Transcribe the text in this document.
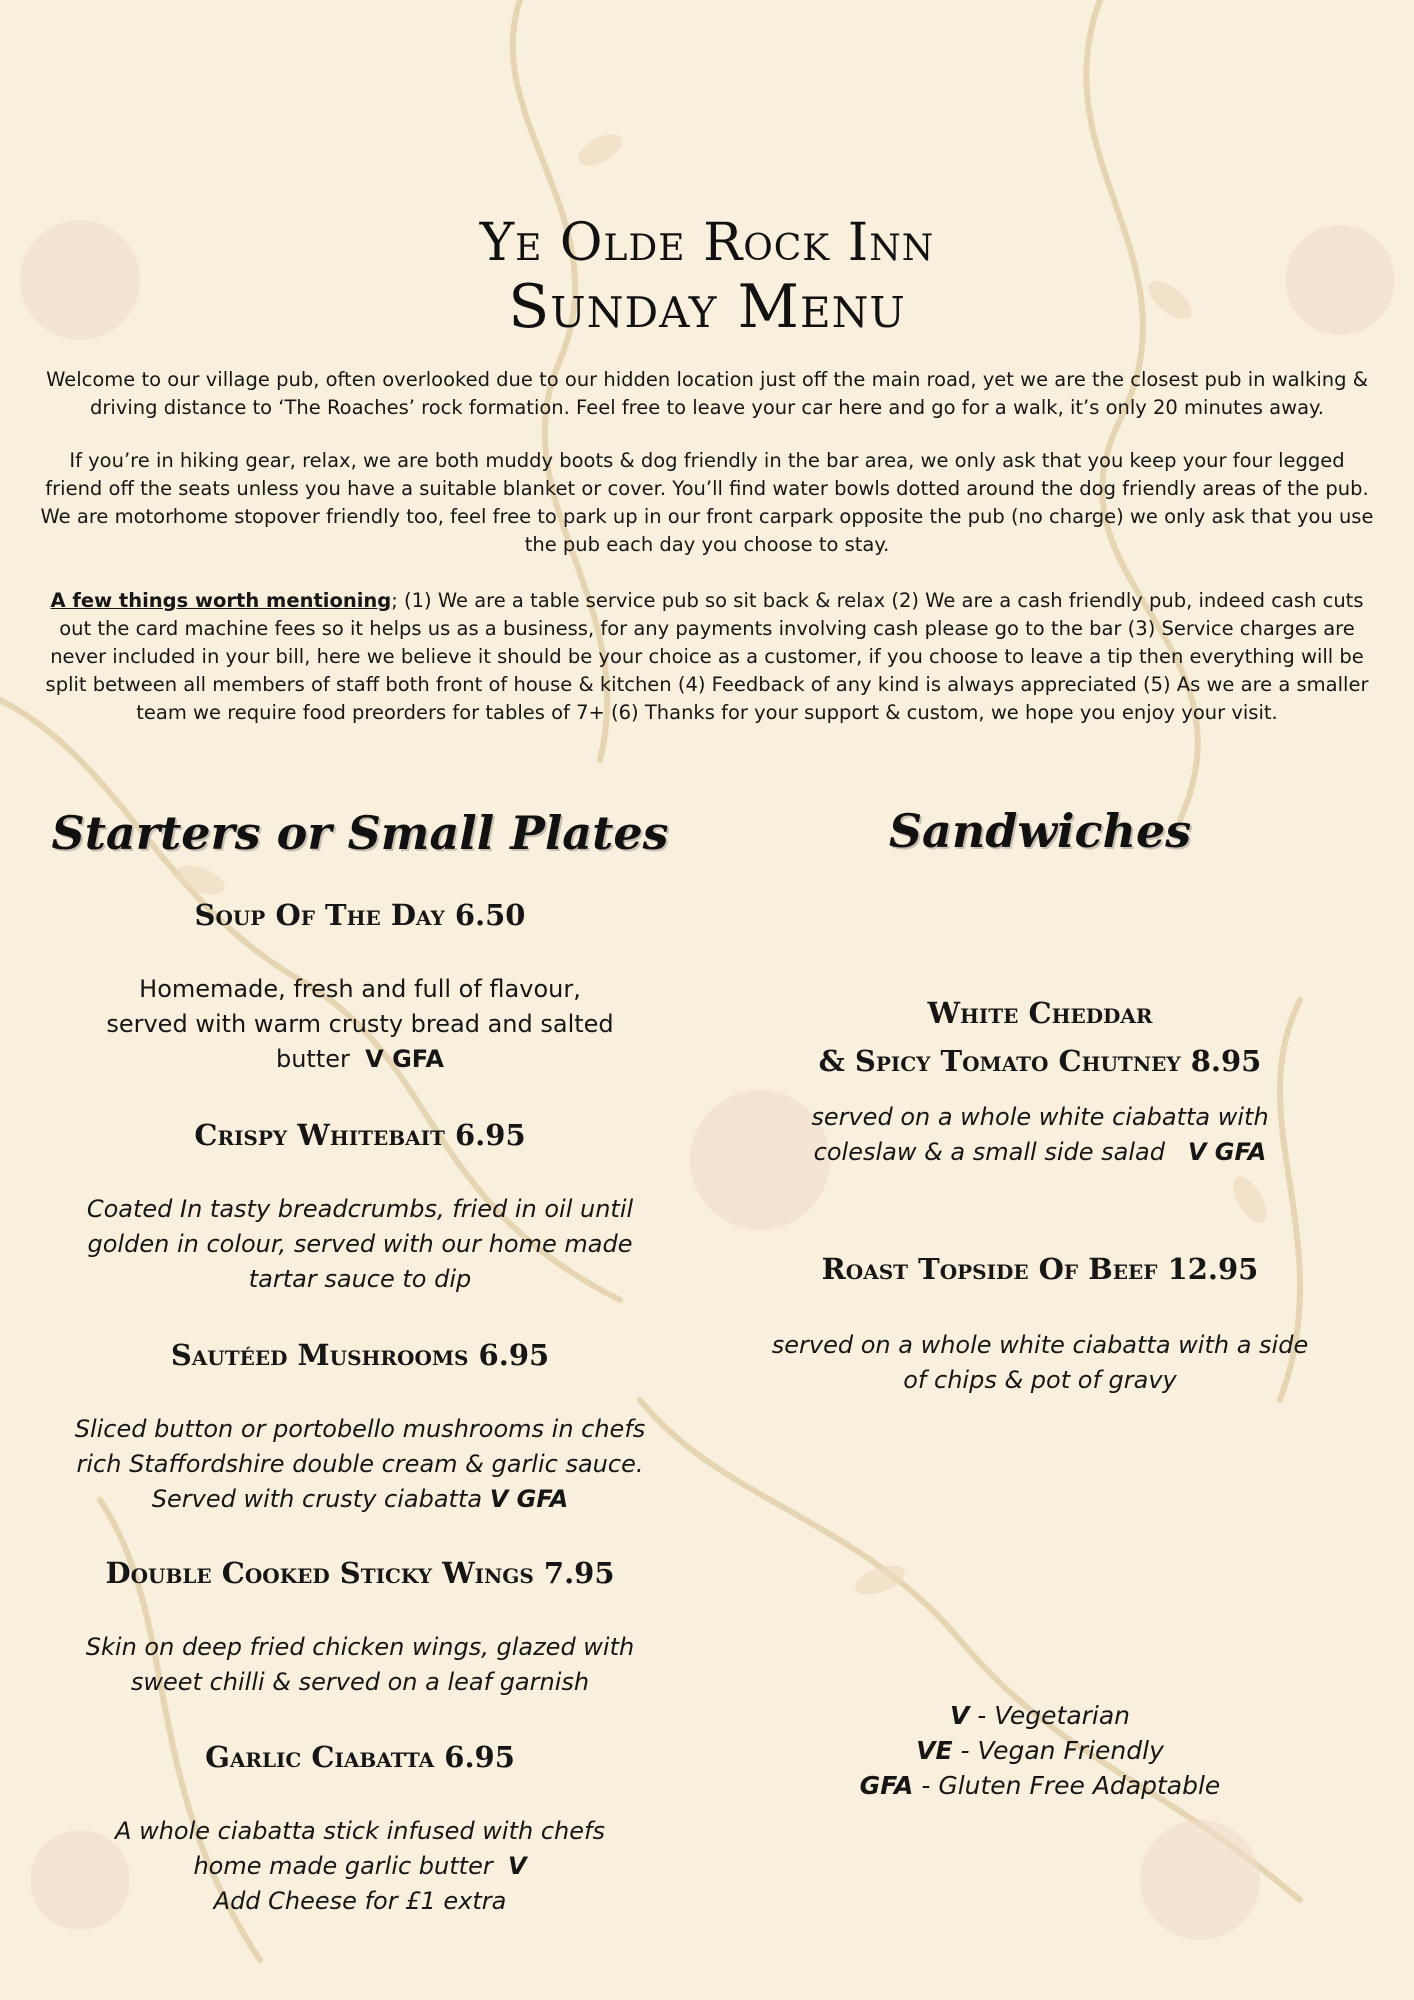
Ye Olde Rock Inn
Sunday Menu

Welcome to our village pub, often overlooked due to our hidden location just off the main road, yet we are the closest pub in walking & driving distance to ‘The Roaches’ rock formation. Feel free to leave your car here and go for a walk, it’s only 20 minutes away.

If you’re in hiking gear, relax, we are both muddy boots & dog friendly in the bar area, we only ask that you keep your four legged friend off the seats unless you have a suitable blanket or cover. You’ll find water bowls dotted around the dog friendly areas of the pub. We are motorhome stopover friendly too, feel free to park up in our front carpark opposite the pub (no charge) we only ask that you use the pub each day you choose to stay.

A few things worth mentioning; (1) We are a table service pub so sit back & relax (2) We are a cash friendly pub, indeed cash cuts out the card machine fees so it helps us as a business, for any payments involving cash please go to the bar (3) Service charges are never included in your bill, here we believe it should be your choice as a customer, if you choose to leave a tip then everything will be split between all members of staff both front of house & kitchen (4) Feedback of any kind is always appreciated (5) As we are a smaller team we require food preorders for tables of 7+ (6) Thanks for your support & custom, we hope you enjoy your visit.

Starters or Small Plates

Soup Of The Day 6.50

Homemade, fresh and full of flavour, served with warm crusty bread and salted butter V GFA

Crispy Whitebait 6.95

Coated In tasty breadcrumbs, fried in oil until golden in colour, served with our home made tartar sauce to dip

Sautéed Mushrooms 6.95

Sliced button or portobello mushrooms in chefs rich Staffordshire double cream & garlic sauce. Served with crusty ciabatta V GFA

Double Cooked Sticky Wings 7.95

Skin on deep fried chicken wings, glazed with sweet chilli & served on a leaf garnish

Garlic Ciabatta 6.95

A whole ciabatta stick infused with chefs home made garlic butter V
Add Cheese for £1 extra

Sandwiches

White Cheddar

& Spicy Tomato Chutney 8.95

served on a whole white ciabatta with coleslaw & a small side salad V GFA

Roast Topside Of Beef 12.95

served on a whole white ciabatta with a side of chips & pot of gravy

V - Vegetarian
VE - Vegan Friendly
GFA - Gluten Free Adaptable
